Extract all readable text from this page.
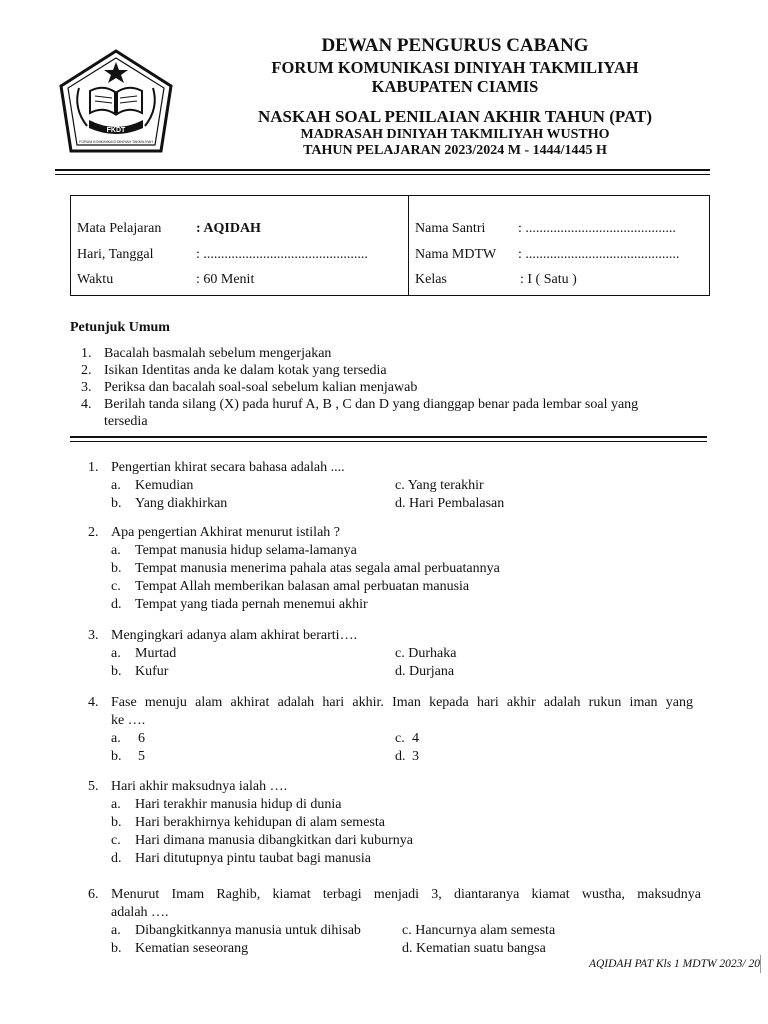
FKDT
FORUM KOMUNIKASI DINIYAH TAKMILIYAH
DEWAN PENGURUS CABANG
FORUM KOMUNIKASI DINIYAH TAKMILIYAH
KABUPATEN CIAMIS
NASKAH SOAL PENILAIAN AKHIR TAHUN (PAT)
MADRASAH DINIYAH TAKMILIYAH WUSTHO
TAHUN PELAJARAN 2023/2024 M - 1444/1445 H
Mata Pelajaran : AQIDAH
Hari, Tanggal	: ...............................................
Waktu	: 60 Menit
Nama Santri : ...........................................
Nama MDTW : ............................................
Kelas	: I ( Satu )
Petunjuk Umum
1. Bacalah basmalah sebelum mengerjakan
2. Isikan Identitas anda ke dalam kotak yang tersedia
3. Periksa dan bacalah soal-soal sebelum kalian menjawab
4. Berilah tanda silang (X) pada huruf A, B , C dan D yang dianggap benar pada lembar soal yang
tersedia
1. Pengertian khirat secara bahasa adalah ....
a. Kemudian	c. Yang terakhir
b. Yang diakhirkan	d. Hari Pembalasan
2. Apa pengertian Akhirat menurut istilah ?
a. Tempat manusia hidup selama-lamanya
b. Tempat manusia menerima pahala atas segala amal perbuatannya
c. Tempat Allah memberikan balasan amal perbuatan manusia
d. Tempat yang tiada pernah menemui akhir
3. Mengingkari adanya alam akhirat berarti….
a. Murtad	c. Durhaka
b. Kufur	d. Durjana
4. Fase menuju alam akhirat adalah hari akhir. Iman kepada hari akhir adalah rukun iman yang
ke ….
a. 6	c. 4
b. 5	d. 3
5. Hari akhir maksudnya ialah ….
a. Hari terakhir manusia hidup di dunia
b. Hari berakhirnya kehidupan di alam semesta
c. Hari dimana manusia dibangkitkan dari kuburnya
d. Hari ditutupnya pintu taubat bagi manusia
6. Menurut Imam Raghib, kiamat terbagi menjadi 3, diantaranya kiamat wustha, maksudnya
adalah ….
a. Dibangkitkannya manusia untuk dihisab	c. Hancurnya alam semesta
b. Kematian seseorang	d. Kematian suatu bangsa
AQIDAH PAT Kls 1 MDTW 2023/ 20
